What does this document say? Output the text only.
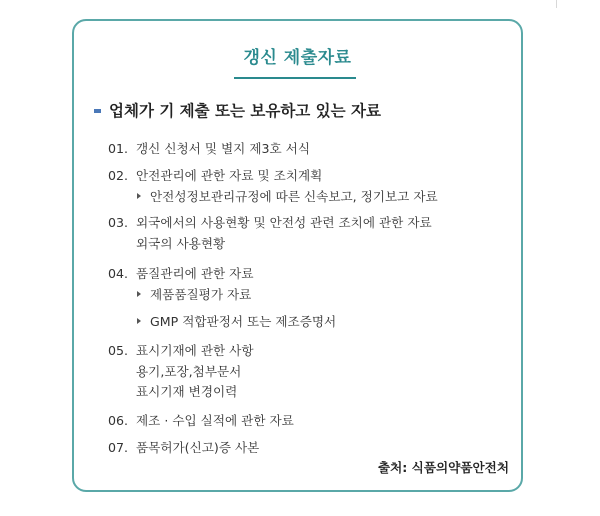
갱신 제출자료
업체가 기 제출 또는 보유하고 있는 자료
01. 갱신 신청서 및 별지 제3호 서식
02. 안전관리에 관한 자료 및 조치계획
안전성정보관리규정에 따른 신속보고, 정기보고 자료
03. 외국에서의 사용현황 및 안전성 관련 조치에 관한 자료
외국의 사용현황
04. 품질관리에 관한 자료
제품품질평가 자료
GMP 적합판정서 또는 제조증명서
05. 표시기재에 관한 사항
용기,포장,첨부문서
표시기재 변경이력
06. 제조 · 수입 실적에 관한 자료
07. 품목허가(신고)증 사본
출처: 식품의약품안전처
